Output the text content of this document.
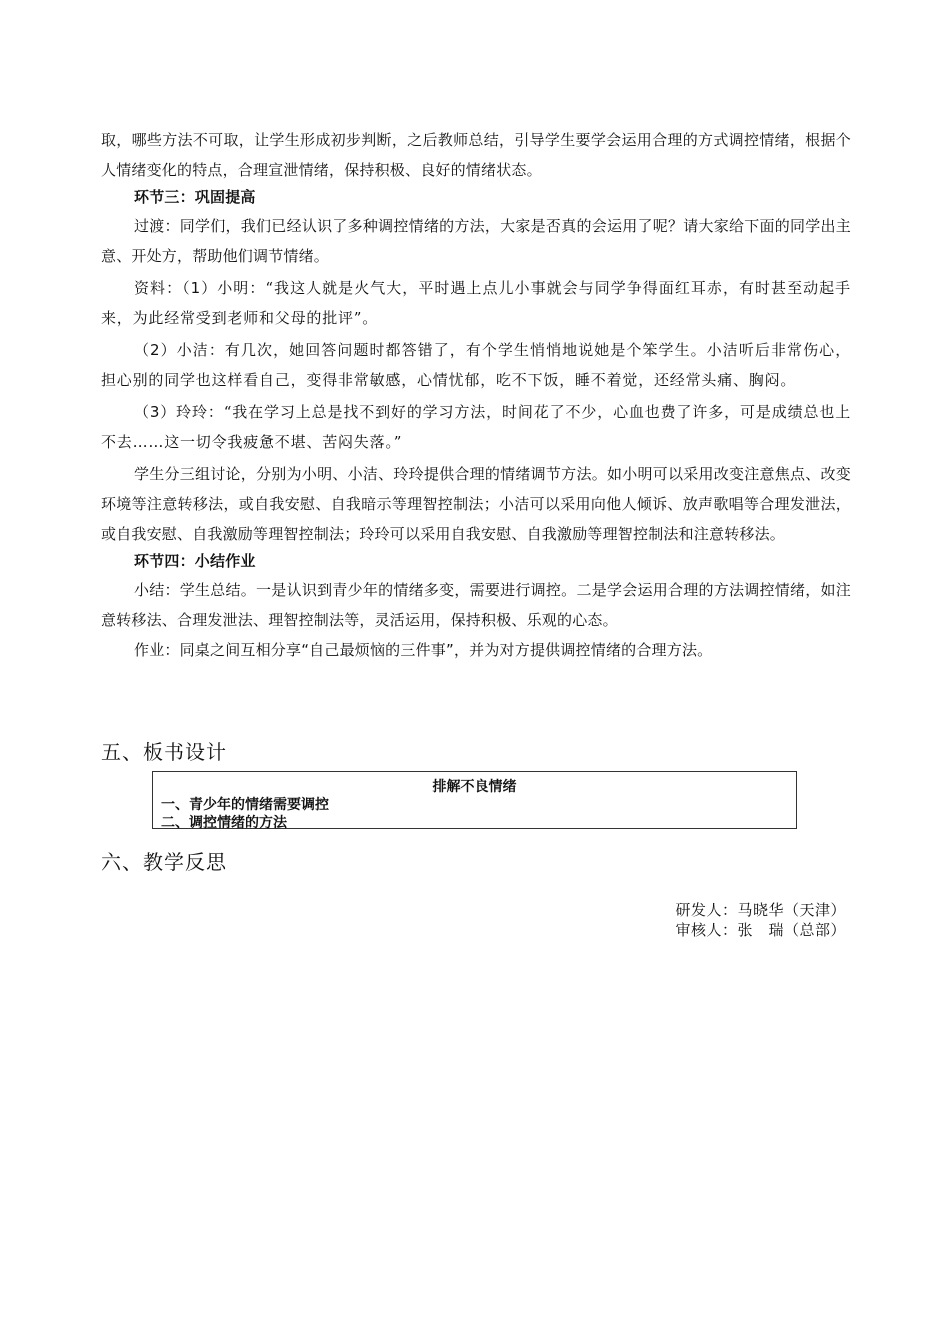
取，哪些方法不可取，让学生形成初步判断，之后教师总结，引导学生要学会运用合理的方式调控情绪，根据个人情绪变化的特点，合理宣泄情绪，保持积极、良好的情绪状态。

环节三：巩固提高

过渡：同学们，我们已经认识了多种调控情绪的方法，大家是否真的会运用了呢？请大家给下面的同学出主意、开处方，帮助他们调节情绪。

资料：（1）小明：“我这人就是火气大，平时遇上点儿小事就会与同学争得面红耳赤，有时甚至动起手来，为此经常受到老师和父母的批评”。

（2）小洁：有几次，她回答问题时都答错了，有个学生悄悄地说她是个笨学生。小洁听后非常伤心，担心别的同学也这样看自己，变得非常敏感，心情忧郁，吃不下饭，睡不着觉，还经常头痛、胸闷。

（3）玲玲：“我在学习上总是找不到好的学习方法，时间花了不少，心血也费了许多，可是成绩总也上不去……这一切令我疲惫不堪、苦闷失落。”

学生分三组讨论，分别为小明、小洁、玲玲提供合理的情绪调节方法。如小明可以采用改变注意焦点、改变环境等注意转移法，或自我安慰、自我暗示等理智控制法；小洁可以采用向他人倾诉、放声歌唱等合理发泄法，或自我安慰、自我激励等理智控制法；玲玲可以采用自我安慰、自我激励等理智控制法和注意转移法。

环节四：小结作业

小结：学生总结。一是认识到青少年的情绪多变，需要进行调控。二是学会运用合理的方法调控情绪，如注意转移法、合理发泄法、理智控制法等，灵活运用，保持积极、乐观的心态。

作业：同桌之间互相分享“自己最烦恼的三件事”，并为对方提供调控情绪的合理方法。

五、板书设计
排解不良情绪
一、青少年的情绪需要调控
二、调控情绪的方法
六、教学反思
研发人：马晓华（天津）
审核人：张　瑞（总部）
